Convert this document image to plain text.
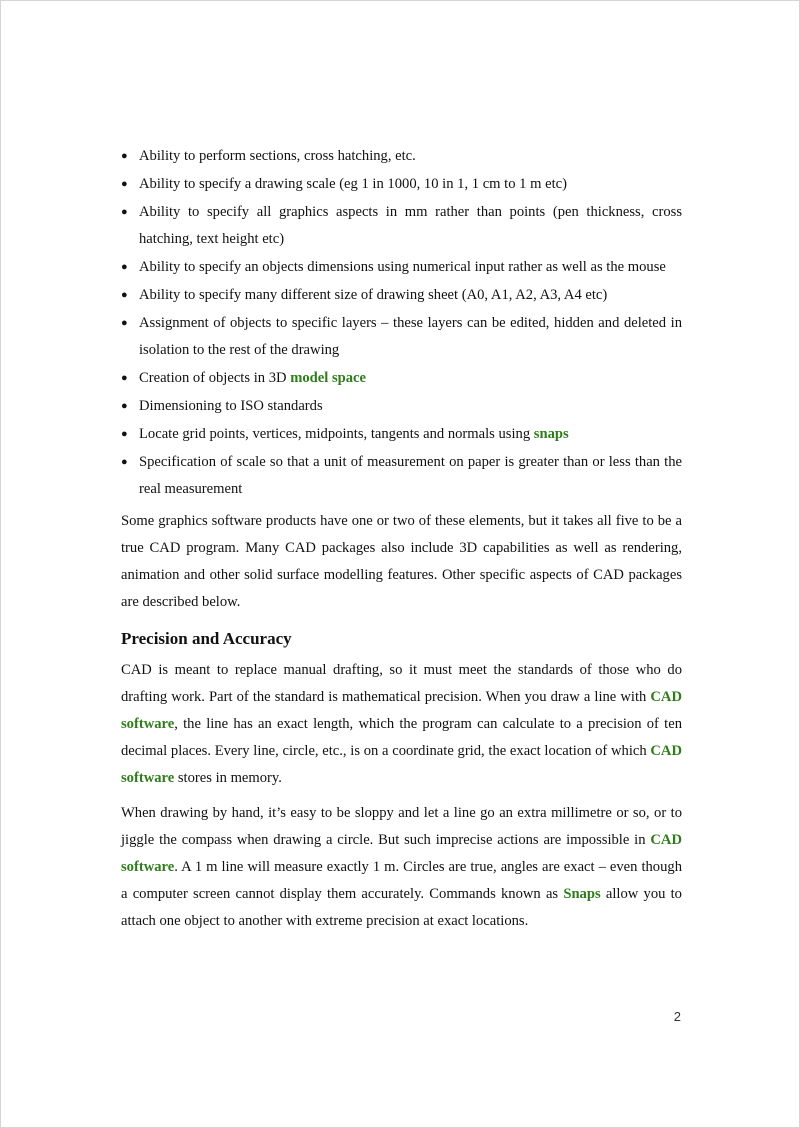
● Ability to perform sections, cross hatching, etc.
● Ability to specify a drawing scale (eg 1 in 1000, 10 in 1, 1 cm to 1 m etc)
● Ability to specify all graphics aspects in mm rather than points (pen thickness, cross hatching, text height etc)
● Ability to specify an objects dimensions using numerical input rather as well as the mouse
● Ability to specify many different size of drawing sheet (A0, A1, A2, A3, A4 etc)
● Assignment of objects to specific layers – these layers can be edited, hidden and deleted in isolation to the rest of the drawing
● Creation of objects in 3D model space
● Dimensioning to ISO standards
● Locate grid points, vertices, midpoints, tangents and normals using snaps
● Specification of scale so that a unit of measurement on paper is greater than or less than the real measurement

Some graphics software products have one or two of these elements, but it takes all five to be a true CAD program. Many CAD packages also include 3D capabilities as well as rendering, animation and other solid surface modelling features. Other specific aspects of CAD packages are described below.

Precision and Accuracy

CAD is meant to replace manual drafting, so it must meet the standards of those who do drafting work. Part of the standard is mathematical precision. When you draw a line with CAD software, the line has an exact length, which the program can calculate to a precision of ten decimal places. Every line, circle, etc., is on a coordinate grid, the exact location of which CAD software stores in memory.

When drawing by hand, it’s easy to be sloppy and let a line go an extra millimetre or so, or to jiggle the compass when drawing a circle. But such imprecise actions are impossible in CAD software. A 1 m line will measure exactly 1 m. Circles are true, angles are exact – even though a computer screen cannot display them accurately. Commands known as Snaps allow you to attach one object to another with extreme precision at exact locations.

2
